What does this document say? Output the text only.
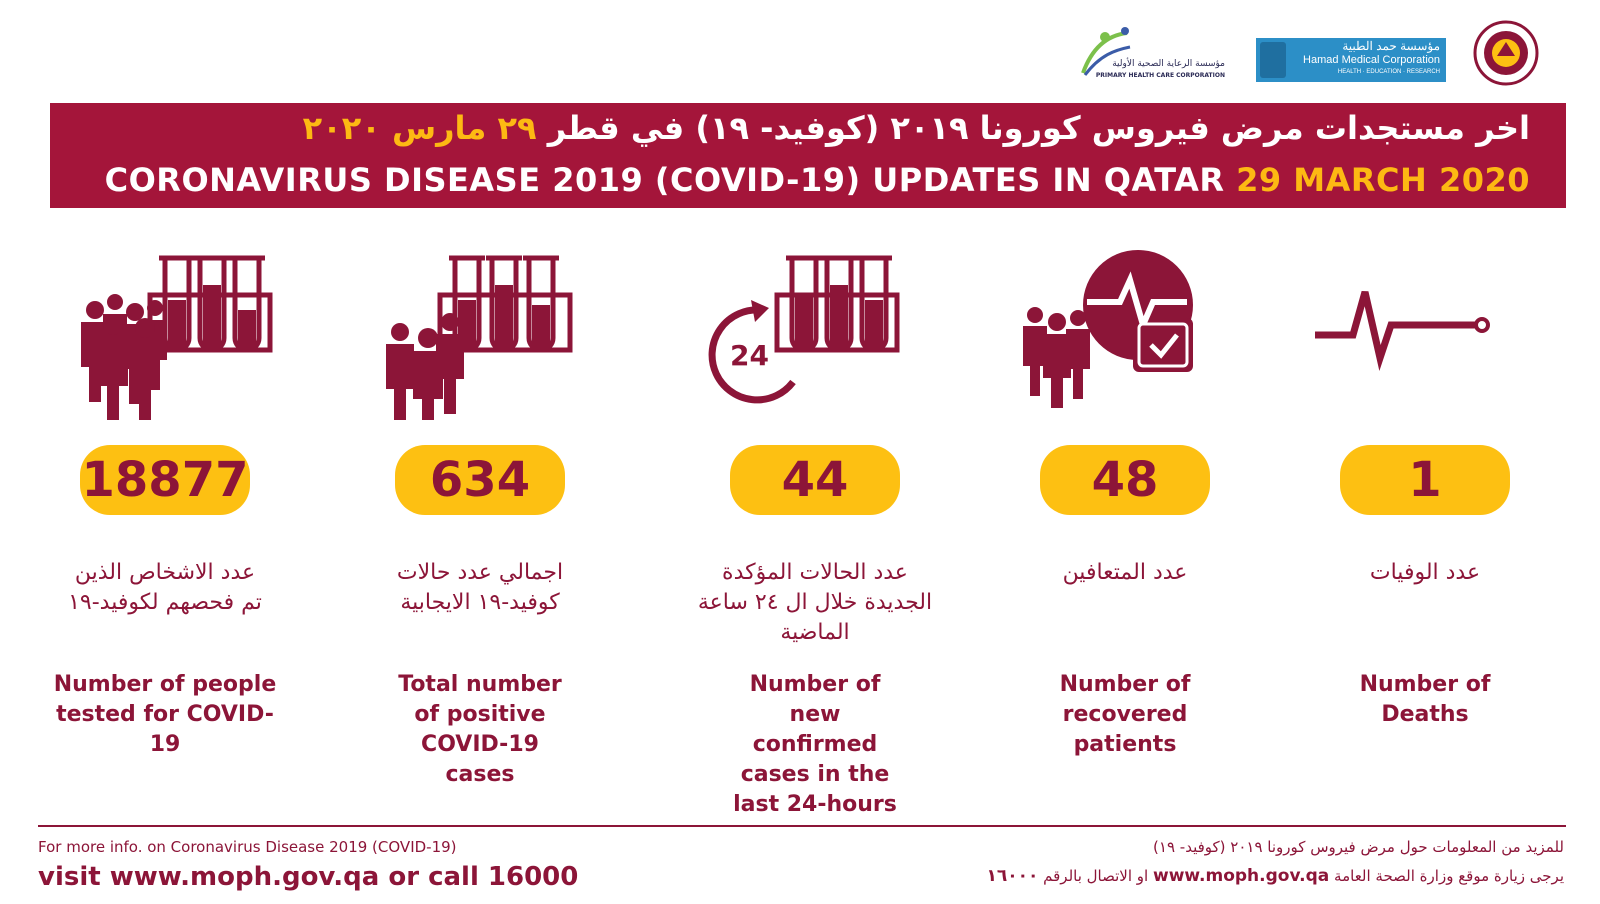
مؤسسة الرعاية الصحية الأولية
PRIMARY HEALTH CARE CORPORATION
مؤسسة حمد الطبية
Hamad Medical Corporation
HEALTH · EDUCATION · RESEARCH
اخر مستجدات مرض فيروس كورونا ٢٠١٩ (كوفيد- ١٩) في قطر ٢٩ مارس ٢٠٢٠
CORONAVIRUS DISEASE 2019 (COVID-19) UPDATES IN QATAR 29 MARCH 2020
18877
عدد الاشخاص الذين تم فحصهم لكوفيد-١٩
Number of people tested for COVID-19
634
اجمالي عدد حالات كوفيد-١٩ الايجابية
Total number of positive COVID-19 cases
24
44
عدد الحالات المؤكدة الجديدة خلال ال ٢٤ ساعة الماضية
Number of new confirmed cases in the last 24-hours
48
عدد المتعافين
Number of recovered patients
1
عدد الوفيات
Number of Deaths
For more info. on Coronavirus Disease 2019 (COVID-19)
visit www.moph.gov.qa or call 16000
للمزيد من المعلومات حول مرض فيروس كورونا ٢٠١٩ (كوفيد- ١٩)
يرجى زيارة موقع وزارة الصحة العامة www.moph.gov.qa او الاتصال بالرقم ١٦٠٠٠
